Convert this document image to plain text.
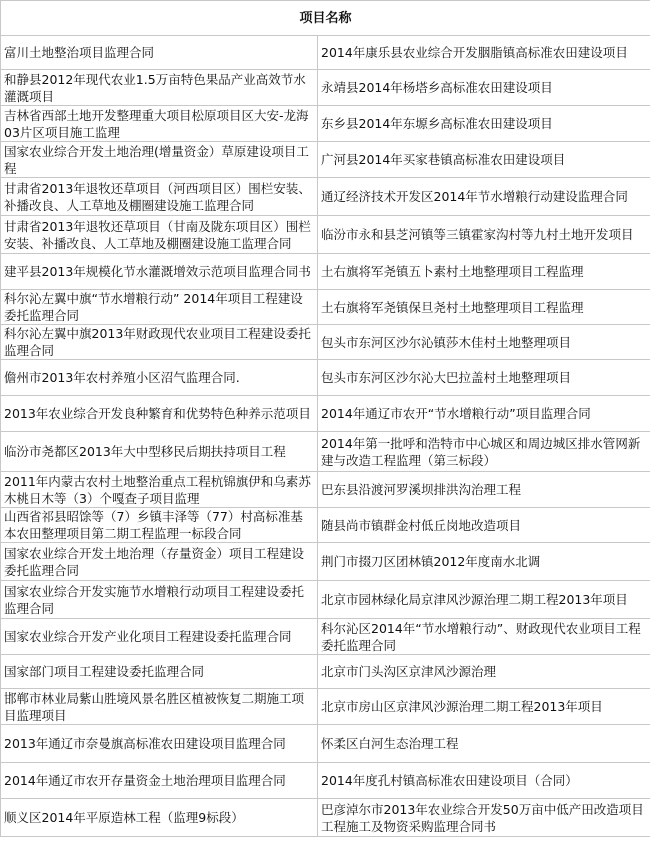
项目名称	

富川土地整治项目监理合同	2014年康乐县农业综合开发胭脂镇高标准农田建设项目

和静县2012年现代农业1.5万亩特色果品产业高效节水灌溉项目	永靖县2014年杨塔乡高标准农田建设项目

吉林省西部土地开发整理重大项目松原项目区大安-龙海03片区项目施工监理	东乡县2014年东塬乡高标准农田建设项目

国家农业综合开发土地治理(增量资金）草原建设项目工程	广河县2014年买家巷镇高标准农田建设项目

甘肃省2013年退牧还草项目（河西项目区）围栏安装、补播改良、人工草地及棚圈建设施工监理合同	通辽经济技术开发区2014年节水增粮行动建设监理合同

甘肃省2013年退牧还草项目（甘南及陇东项目区）围栏安装、补播改良、人工草地及棚圈建设施工监理合同	临汾市永和县芝河镇等三镇霍家沟村等九村土地开发项目

建平县2013年规模化节水灌溉增效示范项目监理合同书	土右旗将军尧镇五卜素村土地整理项目工程监理

科尔沁左翼中旗“节水增粮行动” 2014年项目工程建设委托监理合同	土右旗将军尧镇保旦尧村土地整理项目工程监理

科尔沁左翼中旗2013年财政现代农业项目工程建设委托监理合同	包头市东河区沙尔沁镇莎木佳村土地整理项目

儋州市2013年农村养殖小区沼气监理合同.	包头市东河区沙尔沁大巴拉盖村土地整理项目

2013年农业综合开发良种繁育和优势特色种养示范项目	2014年通辽市农开“节水增粮行动”项目监理合同

临汾市尧都区2013年大中型移民后期扶持项目工程	2014年第一批呼和浩特市中心城区和周边城区排水管网新建与改造工程监理（第三标段）

2011年内蒙古农村土地整治重点工程杭锦旗伊和乌素苏木桃日木等（3）个嘎查子项目监理	巴东县沿渡河罗溪坝排洪沟治理工程

山西省祁县昭馀等（7）乡镇丰泽等（77）村高标准基本农田整理项目第二期工程监理一标段合同	随县尚市镇群金村低丘岗地改造项目

国家农业综合开发土地治理（存量资金）项目工程建设委托监理合同	荆门市掇刀区团林镇2012年度南水北调

国家农业综合开发实施节水增粮行动项目工程建设委托监理合同	北京市园林绿化局京津风沙源治理二期工程2013年项目

国家农业综合开发产业化项目工程建设委托监理合同	科尔沁区2014年“节水增粮行动”、财政现代农业项目工程委托监理合同

国家部门项目工程建设委托监理合同	北京市门头沟区京津风沙源治理

邯郸市林业局紫山胜境风景名胜区植被恢复二期施工项目监理项目	北京市房山区京津风沙源治理二期工程2013年项目

2013年通辽市奈曼旗高标准农田建设项目监理合同	怀柔区白河生态治理工程

2014年通辽市农开存量资金土地治理项目监理合同	2014年度孔村镇高标准农田建设项目（合同）

顺义区2014年平原造林工程（监理9标段）	巴彦淖尔市2013年农业综合开发50万亩中低产田改造项目工程施工及物资采购监理合同书
